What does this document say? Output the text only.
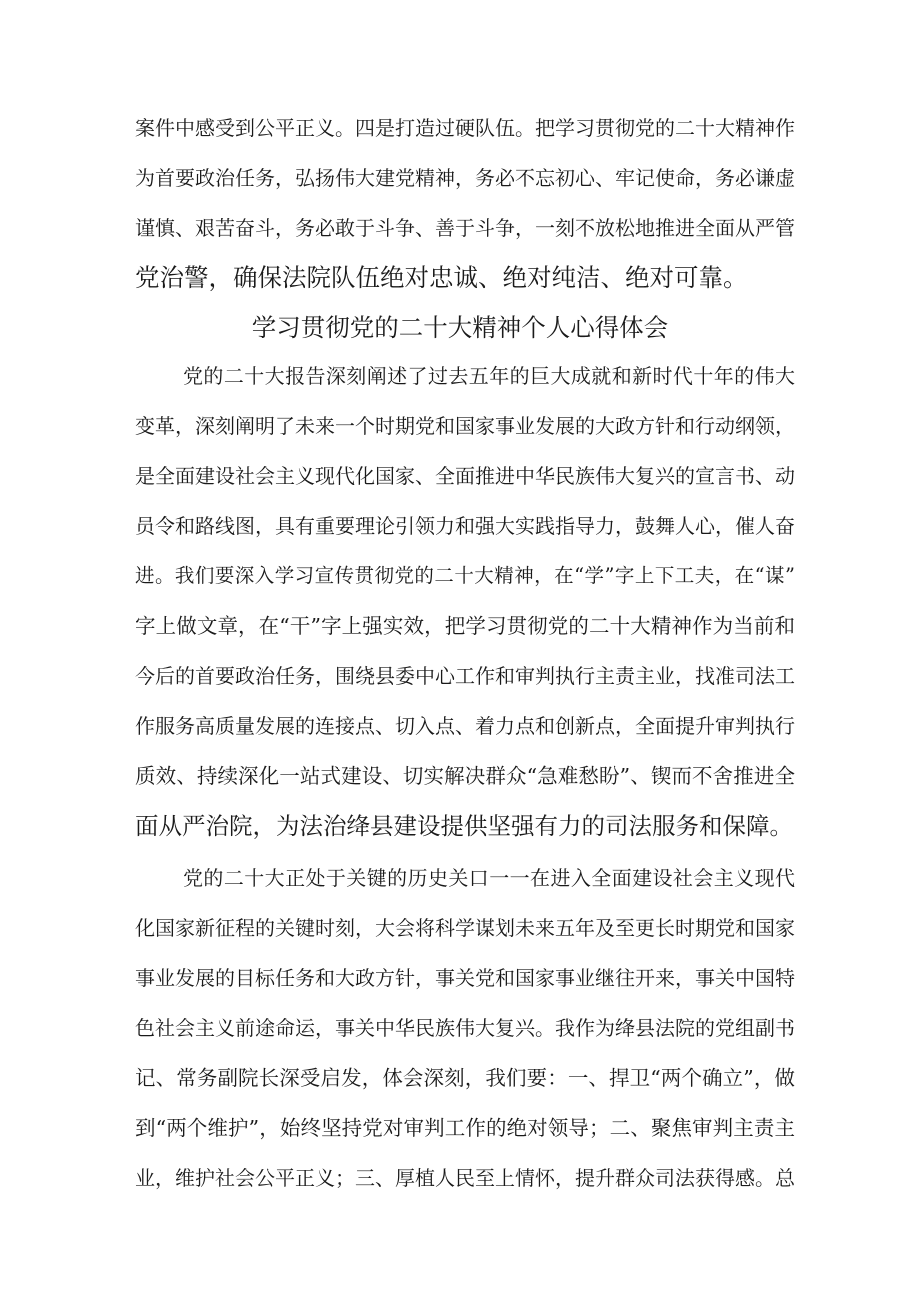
案件中感受到公平正义。四是打造过硬队伍。把学习贯彻党的二十大精神作
为首要政治任务，弘扬伟大建党精神，务必不忘初心、牢记使命，务必谦虚
谨慎、艰苦奋斗，务必敢于斗争、善于斗争，一刻不放松地推进全面从严管
党治警，确保法院队伍绝对忠诚、绝对纯洁、绝对可靠。
学习贯彻党的二十大精神个人心得体会
党的二十大报告深刻阐述了过去五年的巨大成就和新时代十年的伟大
变革，深刻阐明了未来一个时期党和国家事业发展的大政方针和行动纲领，
是全面建设社会主义现代化国家、全面推进中华民族伟大复兴的宣言书、动
员令和路线图，具有重要理论引领力和强大实践指导力，鼓舞人心，催人奋
进。我们要深入学习宣传贯彻党的二十大精神，在“学”字上下工夫，在“谋”
字上做文章，在“干”字上强实效，把学习贯彻党的二十大精神作为当前和
今后的首要政治任务，围绕县委中心工作和审判执行主责主业，找准司法工
作服务高质量发展的连接点、切入点、着力点和创新点，全面提升审判执行
质效、持续深化一站式建设、切实解决群众“急难愁盼”、锲而不舍推进全
面从严治院，为法治绛县建设提供坚强有力的司法服务和保障。
党的二十大正处于关键的历史关口一一在进入全面建设社会主义现代
化国家新征程的关键时刻，大会将科学谋划未来五年及至更长时期党和国家
事业发展的目标任务和大政方针，事关党和国家事业继往开来，事关中国特
色社会主义前途命运，事关中华民族伟大复兴。我作为绛县法院的党组副书
记、常务副院长深受启发，体会深刻，我们要：一、捍卫“两个确立”，做
到“两个维护”，始终坚持党对审判工作的绝对领导；二、聚焦审判主责主
业，维护社会公平正义；三、厚植人民至上情怀，提升群众司法获得感。总
